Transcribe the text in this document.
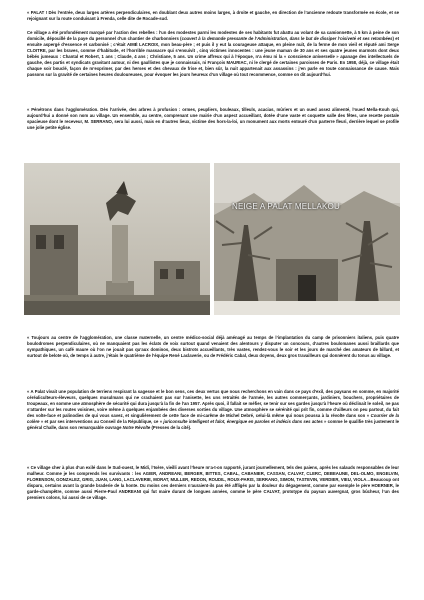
« PALAT ! Dès l’entrée, deux larges artères perpendiculaires, en doublant deux autres moins larges, à droite et gauche, en direction de l’ancienne redoute transformée en école, et se rejoignant sur la route conduisant à Frenda, celle dite de Rocade-sud.

Ce village a été profondément marqué par l’action des rebelles : l’un des modestes parmi les modestes de ses habitants fut abattu au volant de sa camionnette, à 5 km à peine de son domicile, dépouillé de la paye du personnel d’un chantier de charbonniers (couvert à la demande pressante de l’Administration, dans le but de dissiper l’oisiveté et ses retombées) et ensuite aspergé d’essence et carbonisé ; c’était AIMÉ LACROIX, mon beau-père ; et puis il y eut la courageuse attaque, en pleine nuit, de la ferme de mon vieil et réputé ami Serge CLOITRE, par les braves, comme d’habitude, et l’horrible massacre qui s’ensuivit , cinq victimes innocentes : une jeune maman de 30 ans et ses quatre jeunes marmots dont deux bébés jumeaux : Chantal et Robert, 1 ans ; Claude, 4 ans ; Christiane, 5 ans. Un crime affreux qui à l’époque, n’a ému ni la « conscience universelle » apanage des intellectuels de gauche, des partis et syndicats gravitant autour, ni des gaullistes que je connaissais, ni François MAURIAC, ni le clergé de certaines paroisses de Paris. En 1958, déjà, ce village était chaque soir bouclé, façon de m’exprimer, par des herses et des chevaux de frise et, bien sûr, la nuit appartenait aux assassins : j’en parle en toute connaissance de cause. Mais passons sur la gravité de certaines heures douloureuses, pour évoquer les jours heureux d’un village où tout recommence, comme on dit aujourd’hui.

« Pénétrons dans l’agglomération. Dès l’arrivée, des arbres à profusion : ormes, peupliers, bouleaux, tilleuls, acacias, mûriers et un oued assez alimenté, l’oued Mella-Kouh qui, aujourd’hui a donné son nom au village. Un ensemble, au centre, comprenant une mairie d’un aspect accueillant, dotée d’une vaste et coquette salle des fêtes, une recette postale spacieuse dont le receveur, M. SERRANO, sera lui aussi, mais en d’autres lieux, victime des hors-la-loi, un monument aux morts entouré d’un parterre fleuri, derrière lequel se profile une jolie petite église.

NEIGE A PALAT MELLAKOU

« Toujours au centre de l’agglomération, une classe maternelle, un centre médico-social déjà aménagé au temps de l’implantation du camp de prisonniers italiens, puis quatre boulodromes perpendiculaires, où ne manquaient pas les éclats de voix surtout quand venaient des alentours y disputer un concours, d’autres boulomanes aussi braillards que sympathiques, un café maure où l’on ne jouait pas qu’aux dominos, deux bistrots accueillants, très vastes, rendez-vous le soir et les jours de marché des amateurs de billard, et surtout de belote où, de temps à autre, j’étais le quatrième de l’équipe René Laclaverie, ou de Frédéric Cabal, deux doyens, deux gros travailleurs qui donnèrent du tonus au village.

« A Palat vivait une population de terriens respirant la sagesse et le bon sens, ces deux vertus que nous recherchons en vain dans ce pays d’exil, des paysans en somme, en majorité céréaliculteurs-éleveurs, quelques musulmans qui ne crachaient pas sur l’anisette, les uns retraités de l’armée, les autres commerçants, jardiniers, bouchers, propriétaires de troupeaux, en somme une atmosphère de sécurité qui dura jusqu’à la fin de l’an 1957. Après quoi, il fallait se méfier, se tenir sur ses gardes jusqu’à l’heure où déclinait le soleil, ne pas s’attarder sur les routes voisines, voire même à quelques enjambées des diverses sorties du village. Une atmosphère se sérénité qui prit fin, comme d’ailleurs on peu partout, du fait des volte-face et palinodies de qui vous savez, et singulièrement de cette face de mi-carême de Michel Debré, celui-là même qui nous poussa à la révolte dans son « Courrier de la colère » et par ses interventions au Conseil de la République, ce « juriconsulte intelligent et falot, énergique en paroles et indécis dans ses actes » comme le qualifie très justement le général Challe, dans son remarquable ouvrage Notre Révolte (Presses de la cité).

« Ce village cher à plus d’un exilé dans le Sud-ouest, le Midi, l’Isère, vieilli avant l’heure m’a-t-on rapporté, jurant journellement, tels des paiens, après les salauds responsables de leur malheur. Comme je les comprends les survivants : les AGIER, ANDREANI, BERGER, BITTES, CABAL, CABANIER, CASSAN, CALVAT, CLERC, DEBEAUNE, DEL-OLMO, ENGELVIN, FLORENSON, GONZALEZ, GRIG, JUAN, LANG, LACLAVERIE, MORAT, MULLER, REDON, ROUDIL, ROUX-PARIS, SERRANO, SIMON, TASTEVIN, VERDIER, VIEU, VIOLA…Beaucoup ont disparu, certains avant la grande braderie de la honte. Du moins ces derniers n’auraient-ils pas été affligés par la douleur du dégagement, comme par exemple le père HOERNER, le garde-champêtre, comme aussi Pierre-Paul ANDREANI qui fut maire durant de longues années, comme le père CALVAT, prototype du paysan auvergnat, gros bûcheur, l’un des premiers colons, lui aussi de ce village.
